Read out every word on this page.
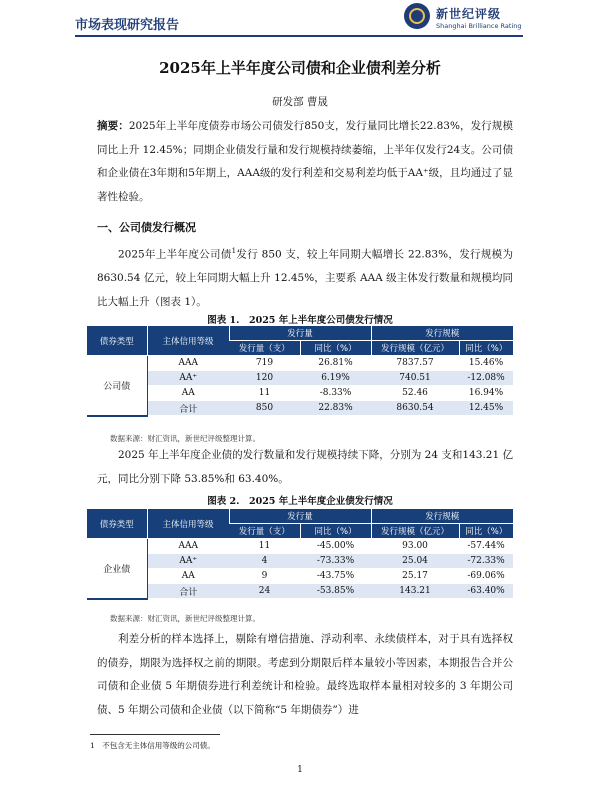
市场表现研究报告
新世纪评级
Shanghai Brilliance Rating
2025年上半年度公司债和企业债利差分析
研发部 曹晟

摘要：2025年上半年度债券市场公司债发行850支，发行量同比增长22.83%，发行规模同比上升 12.45%；同期企业债发行量和发行规模持续萎缩，上半年仅发行24支。公司债和企业债在3年期和5年期上，AAA级的发行利差和交易利差均低于AA⁺级，且均通过了显著性检验。

一、公司债发行概况

2025年上半年度公司债$^1$发行 850 支，较上年同期大幅增长 22.83%，发行规模为 8630.54 亿元，较上年同期大幅上升 12.45%，主要系 AAA 级主体发行数量和规模均同比大幅上升（图表 1）。

图表 1.　2025 年上半年度公司债发行情况
债券类型	主体信用等级	发行量		发行规模	
		发行量（支）	同比（%）	发行规模（亿元）	同比（%）
公司债	AAA	719	26.81%	7837.57	15.46%
	AA⁺	120	6.19%	740.51	-12.08%
	AA	11	-8.33%	52.46	16.94%
	合计	850	22.83%	8630.54	12.45%
数据来源：财汇资讯，新世纪评级整理计算。

2025 年上半年度企业债的发行数量和发行规模持续下降，分别为 24 支和143.21 亿元，同比分别下降 53.85%和 63.40%。

图表 2.　2025 年上半年度企业债发行情况
债券类型	主体信用等级	发行量		发行规模	
		发行量（支）	同比（%）	发行规模（亿元）	同比（%）
企业债	AAA	11	-45.00%	93.00	-57.44%
	AA⁺	4	-73.33%	25.04	-72.33%
	AA	9	-43.75%	25.17	-69.06%
	合计	24	-53.85%	143.21	-63.40%
数据来源：财汇资讯，新世纪评级整理计算。

利差分析的样本选择上，剔除有增信措施、浮动利率、永续债样本，对于具有选择权的债券，期限为选择权之前的期限。考虑到分期限后样本量较小等因素，本期报告合并公司债和企业债 5 年期债券进行利差统计和检验。最终选取样本量相对较多的 3 年期公司债、5 年期公司债和企业债（以下简称“5 年期债券”）进

1　不包含无主体信用等级的公司债。
1
